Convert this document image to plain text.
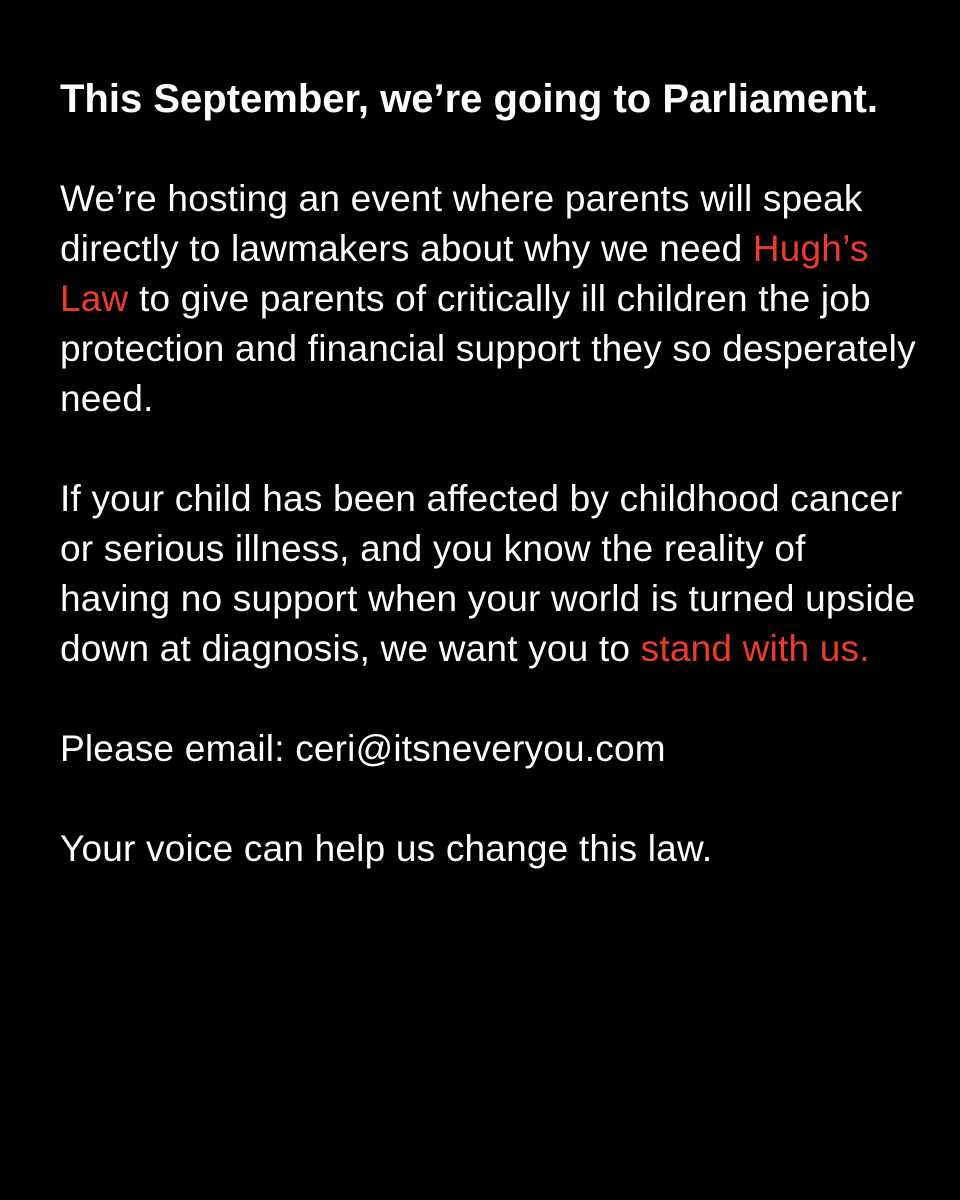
This September, we’re going to Parliament.

We’re hosting an event where parents will speak directly to lawmakers about why we need Hugh’s Law to give parents of critically ill children the job protection and financial support they so desperately need.

If your child has been affected by childhood cancer or serious illness, and you know the reality of having no support when your world is turned upside down at diagnosis, we want you to stand with us.

Please email: ceri@itsneveryou.com

Your voice can help us change this law.
